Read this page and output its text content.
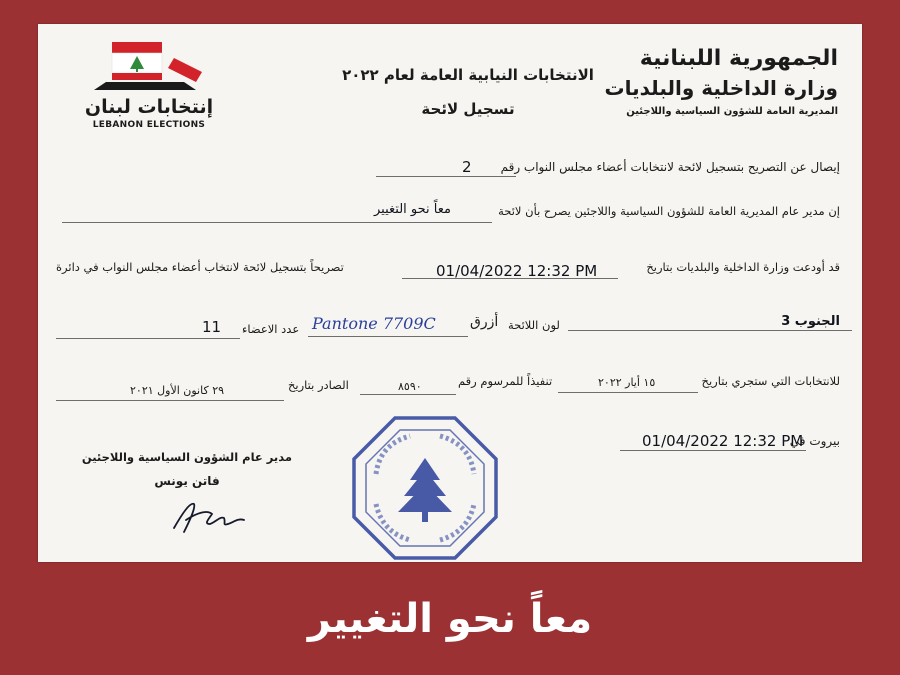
الجمهورية اللبنانية
وزارة الداخلية والبلديات
المديرية العامة للشؤون السياسية واللاجئين
الانتخابات النيابية العامة لعام ٢٠٢٢
تسجيل لائحة
إنتخابات لبنان
LEBANON ELECTIONS
إيصال عن التصريح بتسجيل لائحة لانتخابات أعضاء مجلس النواب رقم
2
إن مدير عام المديرية العامة للشؤون السياسية واللاجئين يصرح بأن لائحة
معاً نحو التغيير
قد أودعت وزارة الداخلية والبلديات بتاريخ
01/04/2022 12:32 PM
تصريحاً بتسجيل لائحة لانتخاب أعضاء مجلس النواب في دائرة
الجنوب 3
لون اللائحة
أزرق
Pantone 7709C
عدد الاعضاء
11
للانتخابات التي ستجري بتاريخ
١٥ أيار ٢٠٢٢
تنفيذاً للمرسوم رقم
٨٥٩٠
الصادر بتاريخ
٢٩ كانون الأول ٢٠٢١
بيروت في
01/04/2022 12:32 PM
مدير عام الشؤون السياسية واللاجئين
فاتن يونس
معاً نحو التغيير
